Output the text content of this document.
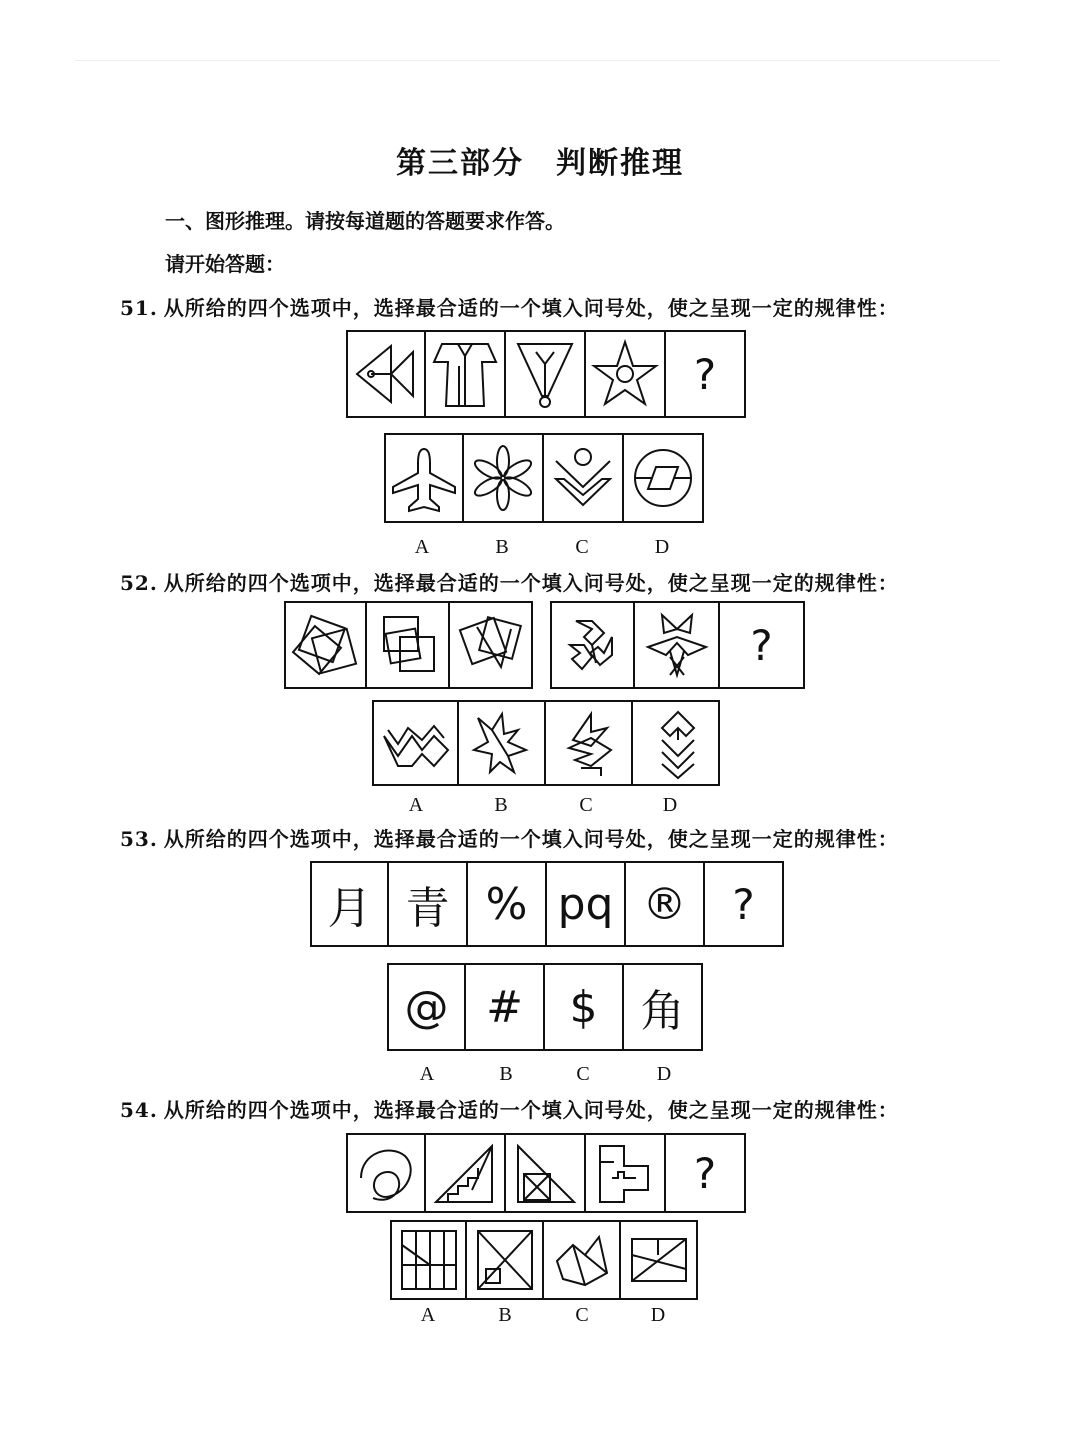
第三部分　判断推理
一、图形推理。请按每道题的答题要求作答。
请开始答题：
51. 从所给的四个选项中，选择最合适的一个填入问号处，使之呈现一定的规律性：
?
A	B	C	D
52. 从所给的四个选项中，选择最合适的一个填入问号处，使之呈现一定的规律性：
?
A	B	C	D
53. 从所给的四个选项中，选择最合适的一个填入问号处，使之呈现一定的规律性：
月 青 % pq ® ?
@ # $ 角
A	B	C	D
54. 从所给的四个选项中，选择最合适的一个填入问号处，使之呈现一定的规律性：
?
A	B	C	D
